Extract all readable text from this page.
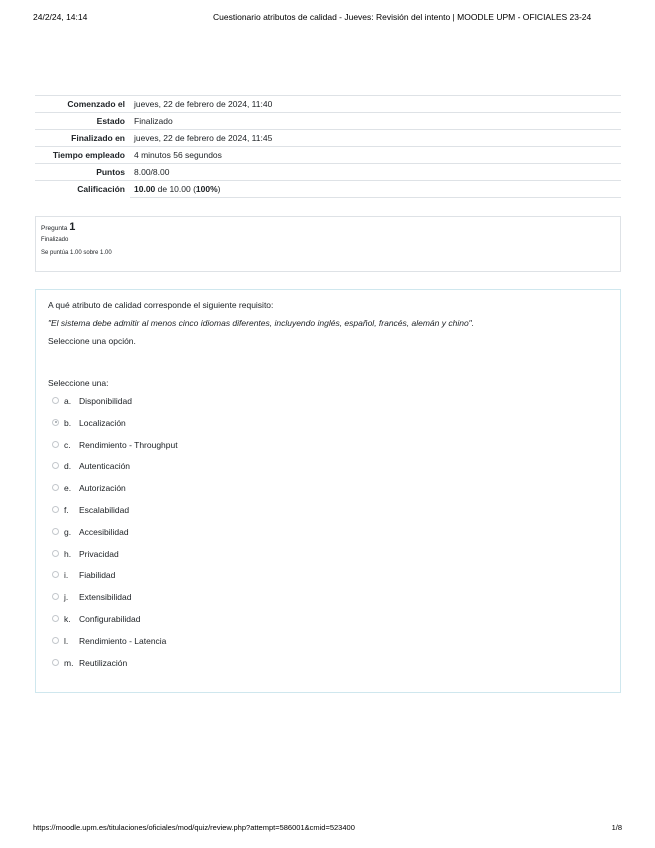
24/2/24, 14:14	Cuestionario atributos de calidad - Jueves: Revisión del intento | MOODLE UPM - OFICIALES 23-24
Comenzado el	jueves, 22 de febrero de 2024, 11:40
Estado	Finalizado
Finalizado en	jueves, 22 de febrero de 2024, 11:45
Tiempo empleado	4 minutos 56 segundos
Puntos	8.00/8.00
Calificación	10.00 de 10.00 (100%)
Pregunta 1
Finalizado
Se puntúa 1.00 sobre 1.00

A qué atributo de calidad corresponde el siguiente requisito:

"El sistema debe admitir al menos cinco idiomas diferentes, incluyendo inglés, español, francés, alemán y chino".

Seleccione una opción.

Seleccione una:
a. Disponibilidad
b. Localización
c. Rendimiento - Throughput
d. Autenticación
e. Autorización
f.	Escalabilidad
g. Accesibilidad
h. Privacidad
i.	Fiabilidad
j.	Extensibilidad
k. Configurabilidad
l.	Rendimiento - Latencia
m. Reutilización
https://moodle.upm.es/titulaciones/oficiales/mod/quiz/review.php?attempt=586001&cmid=523400	1/8
